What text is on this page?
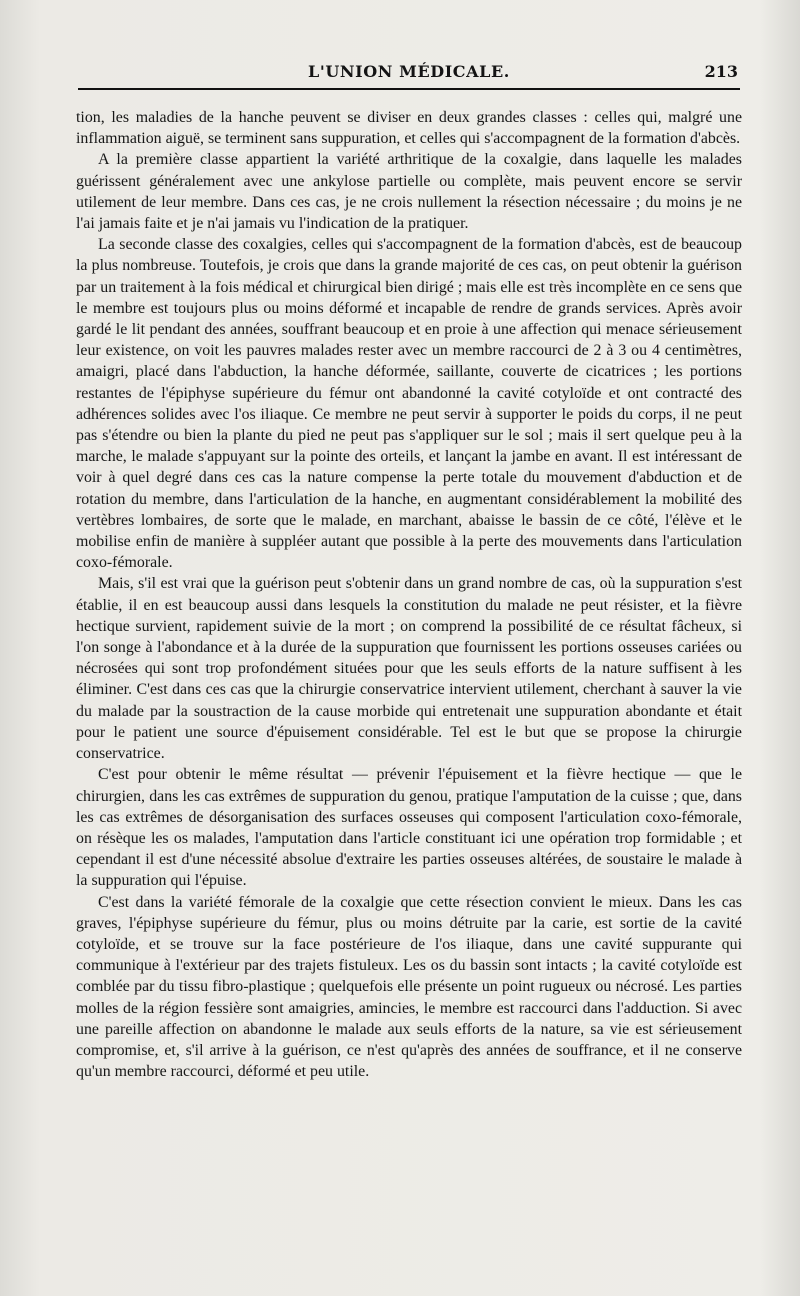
L'UNION MÉDICALE.	213

tion, les maladies de la hanche peuvent se diviser en deux grandes classes : celles qui, malgré une inflammation aiguë, se terminent sans suppuration, et celles qui s'accompagnent de la formation d'abcès.

A la première classe appartient la variété arthritique de la coxalgie, dans laquelle les malades guérissent généralement avec une ankylose partielle ou complète, mais peuvent encore se servir utilement de leur membre. Dans ces cas, je ne crois nullement la résection nécessaire ; du moins je ne l'ai jamais faite et je n'ai jamais vu l'indication de la pratiquer.

La seconde classe des coxalgies, celles qui s'accompagnent de la formation d'abcès, est de beaucoup la plus nombreuse. Toutefois, je crois que dans la grande majorité de ces cas, on peut obtenir la guérison par un traitement à la fois médical et chirurgical bien dirigé ; mais elle est très incomplète en ce sens que le membre est toujours plus ou moins déformé et incapable de rendre de grands services. Après avoir gardé le lit pendant des années, souffrant beaucoup et en proie à une affection qui menace sérieusement leur existence, on voit les pauvres malades rester avec un membre raccourci de 2 à 3 ou 4 centimètres, amaigri, placé dans l'abduction, la hanche déformée, saillante, couverte de cicatrices ; les portions restantes de l'épiphyse supérieure du fémur ont abandonné la cavité cotyloïde et ont contracté des adhérences solides avec l'os iliaque. Ce membre ne peut servir à supporter le poids du corps, il ne peut pas s'étendre ou bien la plante du pied ne peut pas s'appliquer sur le sol ; mais il sert quelque peu à la marche, le malade s'appuyant sur la pointe des orteils, et lançant la jambe en avant. Il est intéressant de voir à quel degré dans ces cas la nature compense la perte totale du mouvement d'abduction et de rotation du membre, dans l'articulation de la hanche, en augmentant considérablement la mobilité des vertèbres lombaires, de sorte que le malade, en marchant, abaisse le bassin de ce côté, l'élève et le mobilise enfin de manière à suppléer autant que possible à la perte des mouvements dans l'articulation coxo-fémorale.

Mais, s'il est vrai que la guérison peut s'obtenir dans un grand nombre de cas, où la suppuration s'est établie, il en est beaucoup aussi dans lesquels la constitution du malade ne peut résister, et la fièvre hectique survient, rapidement suivie de la mort ; on comprend la possibilité de ce résultat fâcheux, si l'on songe à l'abondance et à la durée de la suppuration que fournissent les portions osseuses cariées ou nécrosées qui sont trop profondément situées pour que les seuls efforts de la nature suffisent à les éliminer. C'est dans ces cas que la chirurgie conservatrice intervient utilement, cherchant à sauver la vie du malade par la soustraction de la cause morbide qui entretenait une suppuration abondante et était pour le patient une source d'épuisement considérable. Tel est le but que se propose la chirurgie conservatrice.

C'est pour obtenir le même résultat — prévenir l'épuisement et la fièvre hectique — que le chirurgien, dans les cas extrêmes de suppuration du genou, pratique l'amputation de la cuisse ; que, dans les cas extrêmes de désorganisation des surfaces osseuses qui composent l'articulation coxo-fémorale, on résèque les os malades, l'amputation dans l'article constituant ici une opération trop formidable ; et cependant il est d'une nécessité absolue d'extraire les parties osseuses altérées, de soustaire le malade à la suppuration qui l'épuise.

C'est dans la variété fémorale de la coxalgie que cette résection convient le mieux. Dans les cas graves, l'épiphyse supérieure du fémur, plus ou moins détruite par la carie, est sortie de la cavité cotyloïde, et se trouve sur la face postérieure de l'os iliaque, dans une cavité suppurante qui communique à l'extérieur par des trajets fistuleux. Les os du bassin sont intacts ; la cavité cotyloïde est comblée par du tissu fibro-plastique ; quelquefois elle présente un point rugueux ou nécrosé. Les parties molles de la région fessière sont amaigries, amincies, le membre est raccourci dans l'adduction. Si avec une pareille affection on abandonne le malade aux seuls efforts de la nature, sa vie est sérieusement compromise, et, s'il arrive à la guérison, ce n'est qu'après des années de souffrance, et il ne conserve qu'un membre raccourci, déformé et peu utile.
